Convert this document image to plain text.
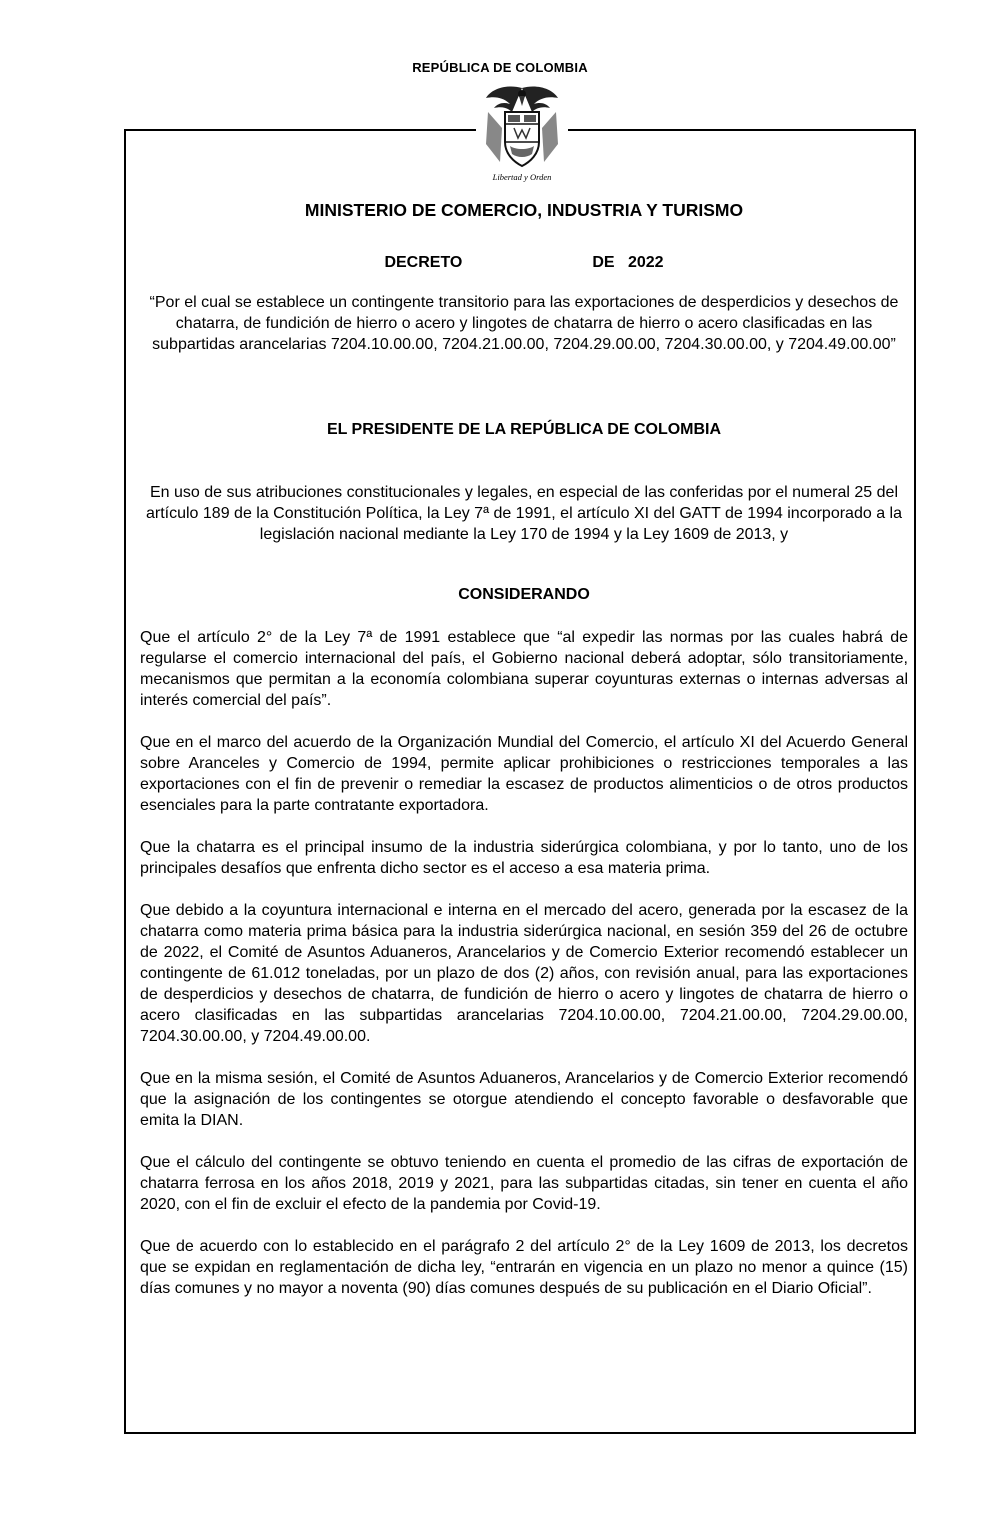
REPÚBLICA DE COLOMBIA
Libertad y Orden
MINISTERIO DE COMERCIO, INDUSTRIA Y TURISMO
DECRETO	DE 2022
“Por el cual se establece un contingente transitorio para las exportaciones de desperdicios y desechos de chatarra, de fundición de hierro o acero y lingotes de chatarra de hierro o acero clasificadas en las subpartidas arancelarias 7204.10.00.00, 7204.21.00.00, 7204.29.00.00, 7204.30.00.00, y 7204.49.00.00”
EL PRESIDENTE DE LA REPÚBLICA DE COLOMBIA
En uso de sus atribuciones constitucionales y legales, en especial de las conferidas por el numeral 25 del artículo 189 de la Constitución Política, la Ley 7ª de 1991, el artículo XI del GATT de 1994 incorporado a la legislación nacional mediante la Ley 170 de 1994 y la Ley 1609 de 2013, y
CONSIDERANDO

Que el artículo 2° de la Ley 7ª de 1991 establece que “al expedir las normas por las cuales habrá de regularse el comercio internacional del país, el Gobierno nacional deberá adoptar, sólo transitoriamente, mecanismos que permitan a la economía colombiana superar coyunturas externas o internas adversas al interés comercial del país”.

Que en el marco del acuerdo de la Organización Mundial del Comercio, el artículo XI del Acuerdo General sobre Aranceles y Comercio de 1994, permite aplicar prohibiciones o restricciones temporales a las exportaciones con el fin de prevenir o remediar la escasez de productos alimenticios o de otros productos esenciales para la parte contratante exportadora.

Que la chatarra es el principal insumo de la industria siderúrgica colombiana, y por lo tanto, uno de los principales desafíos que enfrenta dicho sector es el acceso a esa materia prima.

Que debido a la coyuntura internacional e interna en el mercado del acero, generada por la escasez de la chatarra como materia prima básica para la industria siderúrgica nacional, en sesión 359 del 26 de octubre de 2022, el Comité de Asuntos Aduaneros, Arancelarios y de Comercio Exterior recomendó establecer un contingente de 61.012 toneladas, por un plazo de dos (2) años, con revisión anual, para las exportaciones de desperdicios y desechos de chatarra, de fundición de hierro o acero y lingotes de chatarra de hierro o acero clasificadas en las subpartidas arancelarias 7204.10.00.00, 7204.21.00.00, 7204.29.00.00, 7204.30.00.00, y 7204.49.00.00.

Que en la misma sesión, el Comité de Asuntos Aduaneros, Arancelarios y de Comercio Exterior recomendó que la asignación de los contingentes se otorgue atendiendo el concepto favorable o desfavorable que emita la DIAN.

Que el cálculo del contingente se obtuvo teniendo en cuenta el promedio de las cifras de exportación de chatarra ferrosa en los años 2018, 2019 y 2021, para las subpartidas citadas, sin tener en cuenta el año 2020, con el fin de excluir el efecto de la pandemia por Covid-19.

Que de acuerdo con lo establecido en el parágrafo 2 del artículo 2° de la Ley 1609 de 2013, los decretos que se expidan en reglamentación de dicha ley, “entrarán en vigencia en un plazo no menor a quince (15) días comunes y no mayor a noventa (90) días comunes después de su publicación en el Diario Oficial”.
